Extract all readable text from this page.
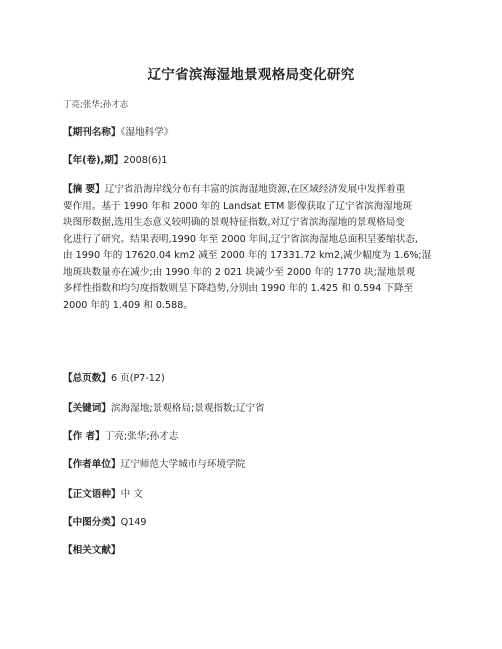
辽宁省滨海湿地景观格局变化研究
丁亮;张华;孙才志
【期刊名称】《湿地科学》
【年(卷),期】2008(6)1
【摘 要】辽宁省沿海岸线分布有丰富的滨海湿地资源,在区域经济发展中发挥着重
要作用。基于 1990 年和 2000 年的 Landsat ETM 影像获取了辽宁省滨海湿地斑
块图形数据,选用生态意义较明确的景观特征指数,对辽宁省滨海湿地的景观格局变
化进行了研究。结果表明,1990 年至 2000 年间,辽宁省滨海湿地总面积呈萎缩状态,
由 1990 年的 17620.04 km2 减至 2000 年的 17331.72 km2,减少幅度为 1.6%;湿
地斑块数量亦在减少;由 1990 年的 2 021 块减少至 2000 年的 1770 块;湿地景观
多样性指数和均匀度指数则呈下降趋势,分别由 1990 年的 1.425 和 0.594 下降至
2000 年的 1.409 和 0.588。
【总页数】6 页(P7-12)
【关键词】滨海湿地;景观格局;景观指数;辽宁省
【作 者】丁亮;张华;孙才志
【作者单位】辽宁师范大学城市与环境学院
【正文语种】中 文
【中图分类】Q149
【相关文献】
